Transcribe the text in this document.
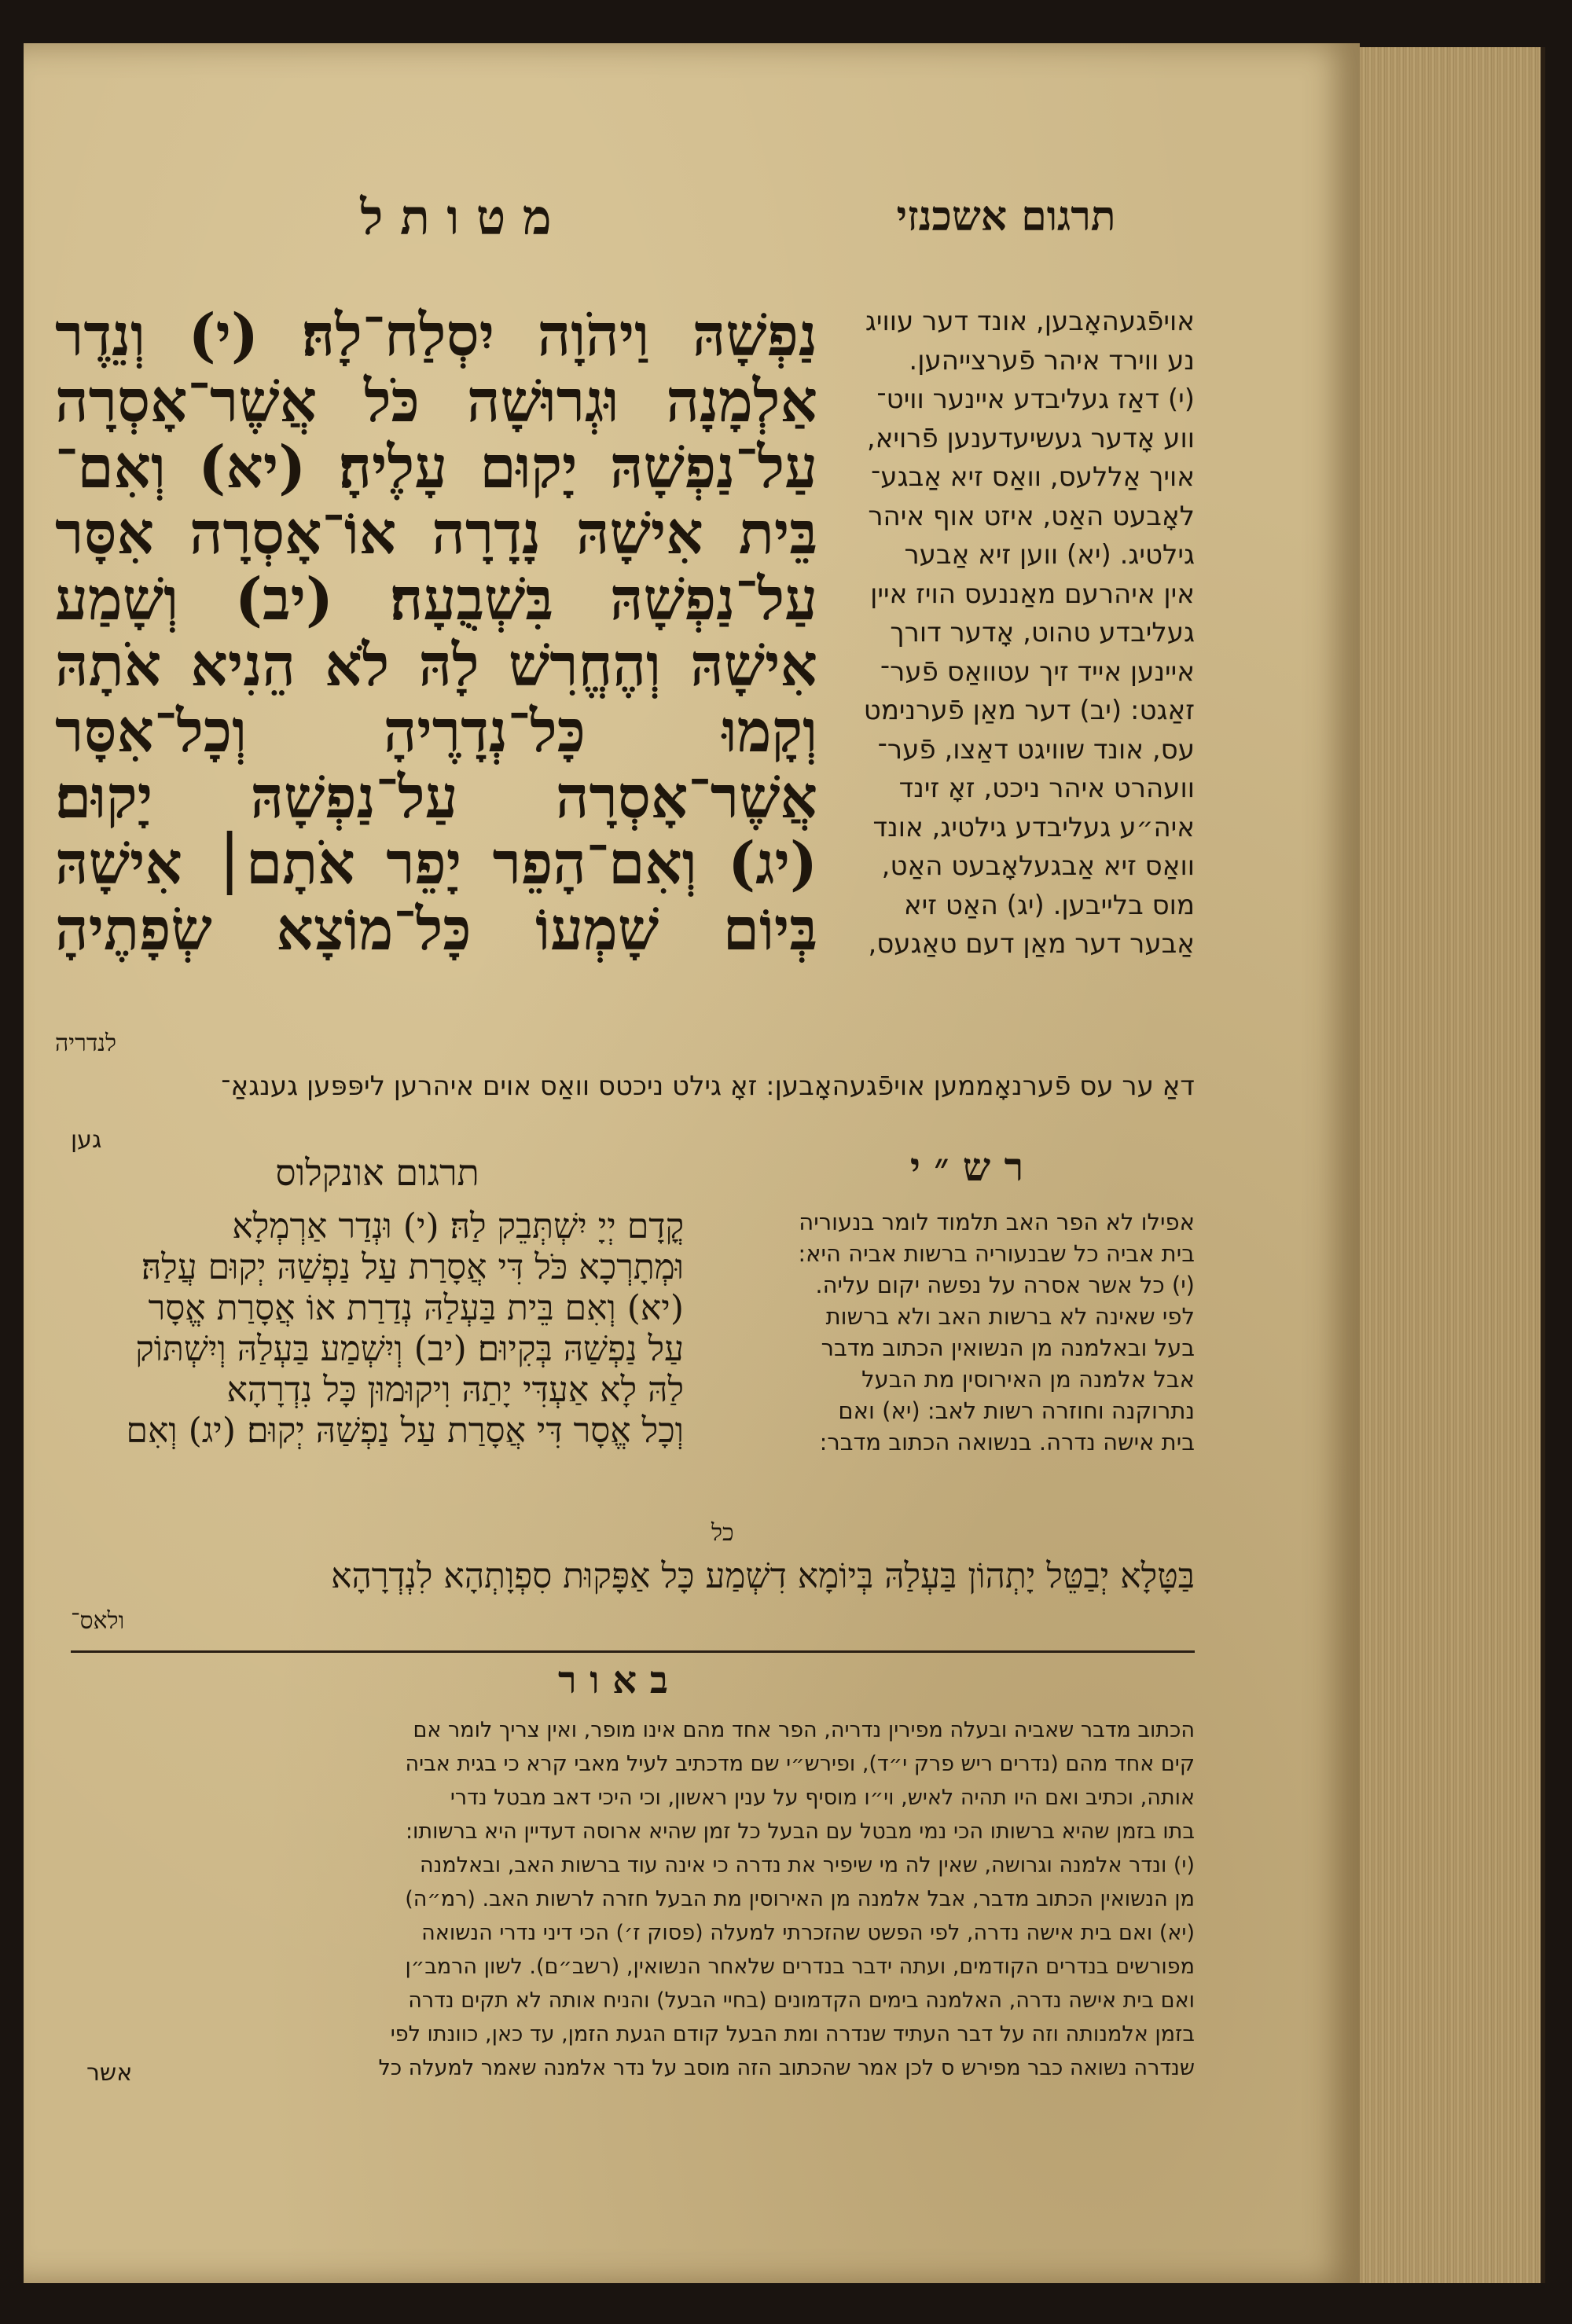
מ ט ו ת ל	תרגום אשכנזי
נַפְשָׁהּ וַיהֹוָה יִסְלַח־לָהּ׃ (י) וְנֵדֶר
אַלְמָנָה וּגְרוּשָׁה כֹּל אֲשֶׁר־אָסְרָה
עַל־נַפְשָׁהּ יָקוּם עָלֶיהָ׃ (יא) וְאִם־
בֵּית אִישָׁהּ נָדָרָה אוֹ־אָסְרָה אִסָּר
עַל־נַפְשָׁהּ בִּשְׁבֻעָה׃ (יב) וְשָׁמַע
אִישָׁהּ וְהֶחֱרִשׁ לָהּ לֹא הֵנִיא אֹתָהּ
וְקָמוּ כָּל־נְדָרֶיהָ וְכָל־אִסָּר
אֲשֶׁר־אָסְרָה עַל־נַפְשָׁהּ יָקוּם׃
(יג) וְאִם־הָפֵר יָפֵר אֹתָם׀ אִישָׁהּ
בְּיוֹם שָׁמְעוֹ כָּל־מוֹצָא שְׂפָתֶיהָ
לנדריה
אויפֿגעהאָבען, אונד דער עוויג
נע ווירד איהר פֿערצייהען.
(י) דאַז געליבדע איינער וויט־
ווע אָדער געשיעדענען פֿרויא,
אויך אַללעס, וואַס זיא אַבגע־
לאָבעט האַט, איזט אוף איהר
גילטיג. (יא) ווען זיא אַבער
אין איהרעם מאַננעס הויז איין
געליבדע טהוט, אָדער דורך
איינען אייד זיך עטוואַס פֿער־
זאַגט: (יב) דער מאַן פֿערנימט
עס, אונד שוויגט דאַצו, פֿער־
וועהרט איהר ניכט, זאָ זינד
איה״ע געליבדע גילטיג, אונד
וואַס זיא אַבגעלאָבעט האַט,
מוס בלייבען. (יג) האַט זיא
אַבער דער מאַן דעם טאַגעס,
דאַ ער עס פֿערנאָממען אויפֿגעהאָבען: זאָ גילט ניכטס וואַס אוים איהרען ליפּפּען גענגאַ־
גען
ר ש ״ י
תרגום אונקלוס
קֳדָם יְיָ יִשְׁתְּבֵק לַהּ׃ (י) וּנְדַר אַרְמְלָא
וּמְתָרְכָא כֹּל דִּי אֲסָרַת עַל נַפְשַׁהּ יְקוּם עֲלַהּ׃
(יא) וְאִם בֵּית בַּעְלַהּ נְדַרַת אוֹ אֲסָרַת אֱסָר
עַל נַפְשַׁהּ בְּקִיוּם׃ (יב) וְיִשְׁמַע בַּעְלַהּ וְיִשְׁתּוֹק
לַהּ לָא אַעְדִּי יָתַהּ וִיקוּמוּן כָּל נִדְרָהָא
וְכָל אֱסָר דִּי אֲסָרַת עַל נַפְשַׁהּ יְקוּם׃ (יג) וְאִם
אפילו לא הפר האב תלמוד לומר בנעוריה
בית אביה כל שבנעוריה ברשות אביה היא:
(י) כל אשר אסרה על נפשה יקום עליה.
לפי שאינה לא ברשות האב ולא ברשות
בעל ובאלמנה מן הנשואין הכתוב מדבר
אבל אלמנה מן האירוסין מת הבעל
נתרוקנה וחוזרה רשות לאב: (יא) ואם
בית אישה נדרה. בנשואה הכתוב מדבר:
כל
בַּטָּלָא יְבַטֵּל יָתְהוֹן בַּעְלַהּ בְּיוֹמָא דִשְׁמַע כָּל אַפָּקוּת סִפְוָתְהָא לִנְדְרָהָא
ולאס־
ב א ו ר
הכתוב מדבר שאביה ובעלה מפירין נדריה, הפר אחד מהם אינו מופר, ואין צריך לומר אם
קים אחד מהם (נדרים ריש פרק י״ד), ופירש״י שם מדכתיב לעיל מאבי קרא כי בגית אביה
אותה, וכתיב ואם היו תהיה לאיש, וי״ו מוסיף על ענין ראשון, וכי היכי דאב מבטל נדרי
בתו בזמן שהיא ברשותו הכי נמי מבטל עם הבעל כל זמן שהיא ארוסה דעדיין היא ברשותו:
(י) ונדר אלמנה וגרושה, שאין לה מי שיפיר את נדרה כי אינה עוד ברשות האב, ובאלמנה
מן הנשואין הכתוב מדבר, אבל אלמנה מן האירוסין מת הבעל חזרה לרשות האב. (רמ״ה)
(יא) ואם בית אישה נדרה, לפי הפשט שהזכרתי למעלה (פסוק ז׳) הכי דיני נדרי הנשואה
מפורשים בנדרים הקודמים, ועתה ידבר בנדרים שלאחר הנשואין, (רשב״ם). לשון הרמב״ן
ואם בית אישה נדרה, האלמנה בימים הקדמונים (בחיי הבעל) והניח אותה לא תקים נדרה
בזמן אלמנותה וזה על דבר העתיד שנדרה ומת הבעל קודם הגעת הזמן, עד כאן, כוונתו לפי
שנדרה נשואה כבר מפירש ס לכן אמר שהכתוב הזה מוסב על נדר אלמנה שאמר למעלה כל
אשר
